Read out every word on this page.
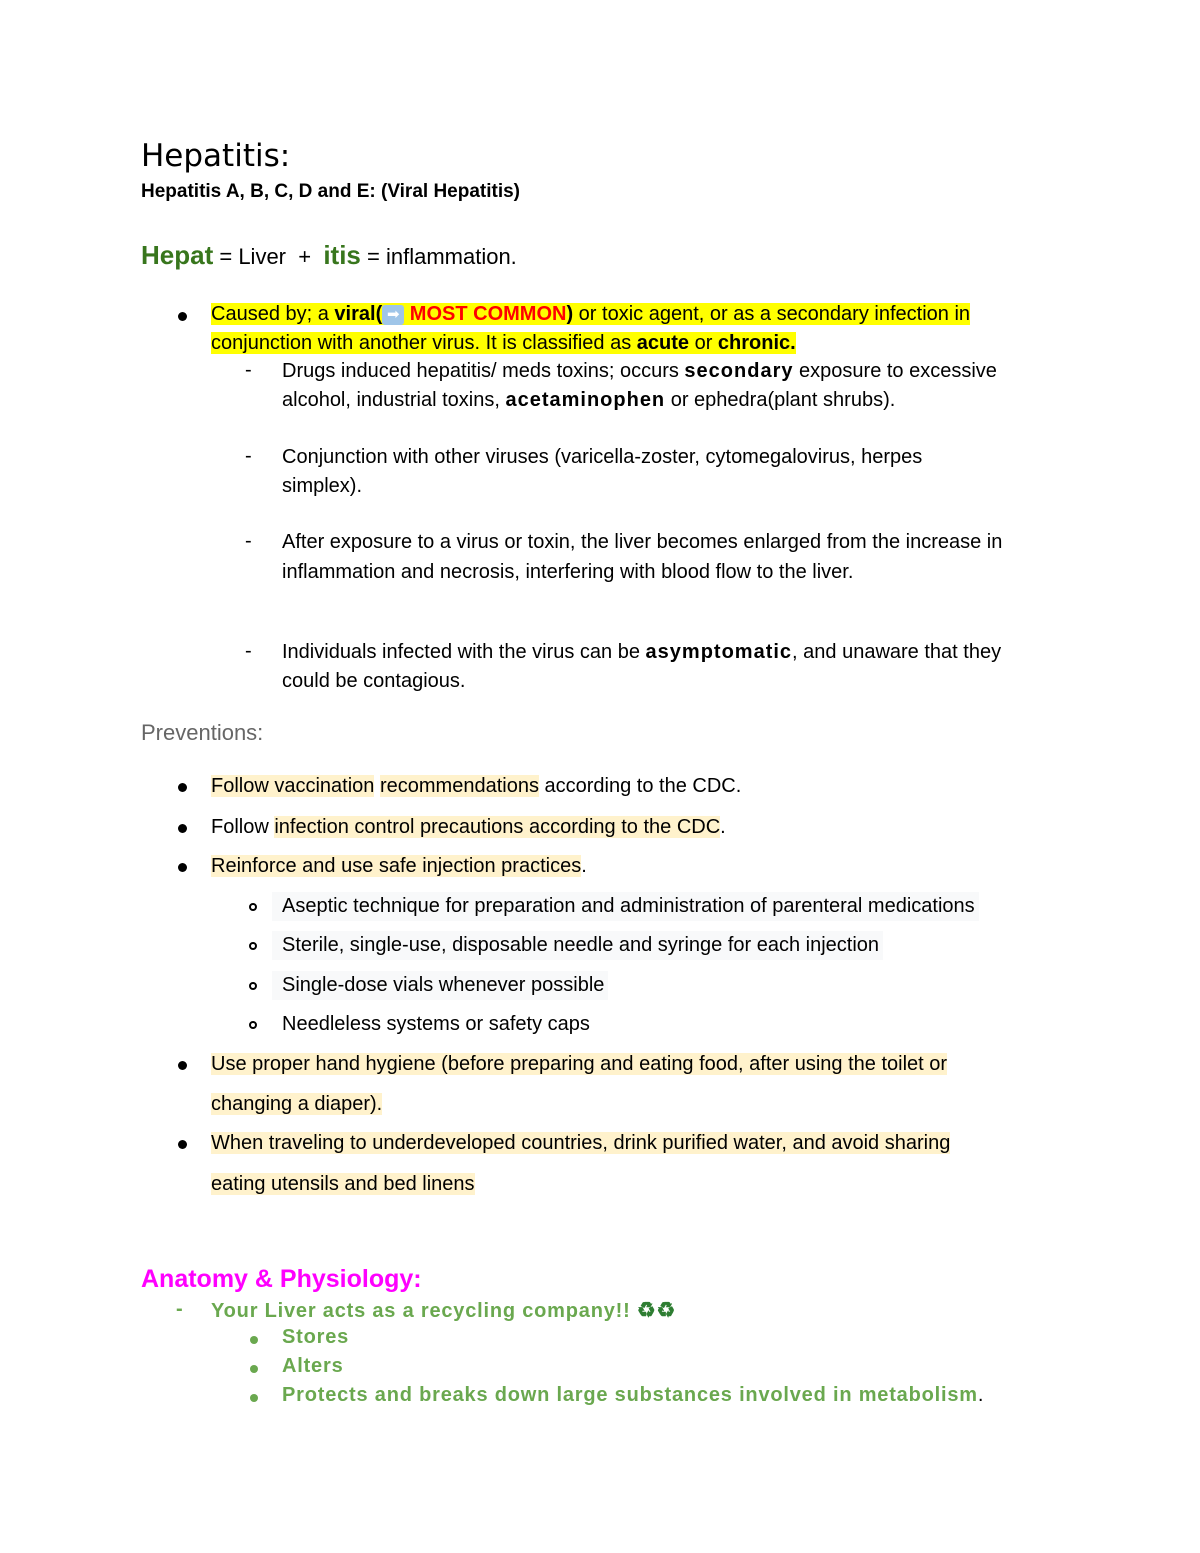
Hepatitis:
Hepatitis A, B, C, D and E: (Viral Hepatitis)
Hepat = Liver  +  itis = inflammation.
Caused by; a viral( ➡ MOST COMMON) or toxic agent, or as a secondary infection in
conjunction with another virus. It is classified as acute or chronic.
- Drugs induced hepatitis/ meds toxins; occurs secondary exposure to excessive
alcohol, industrial toxins, acetaminophen or ephedra(plant shrubs).
- Conjunction with other viruses (varicella-zoster, cytomegalovirus, herpes
simplex).
- After exposure to a virus or toxin, the liver becomes enlarged from the increase in
inflammation and necrosis, interfering with blood flow to the liver.
- Individuals infected with the virus can be asymptomatic, and unaware that they
could be contagious.
Preventions:
Follow vaccination recommendations according to the CDC.
Follow infection control precautions according to the CDC.
Reinforce and use safe injection practices.
Aseptic technique for preparation and administration of parenteral medications
Sterile, single-use, disposable needle and syringe for each injection
Single-dose vials whenever possible
Needleless systems or safety caps
Use proper hand hygiene (before preparing and eating food, after using the toilet or
changing a diaper).
When traveling to underdeveloped countries, drink purified water, and avoid sharing
eating utensils and bed linens
Anatomy & Physiology:
- Your Liver acts as a recycling company!! ♻♻
Stores
Alters
Protects and breaks down large substances involved in metabolism.
